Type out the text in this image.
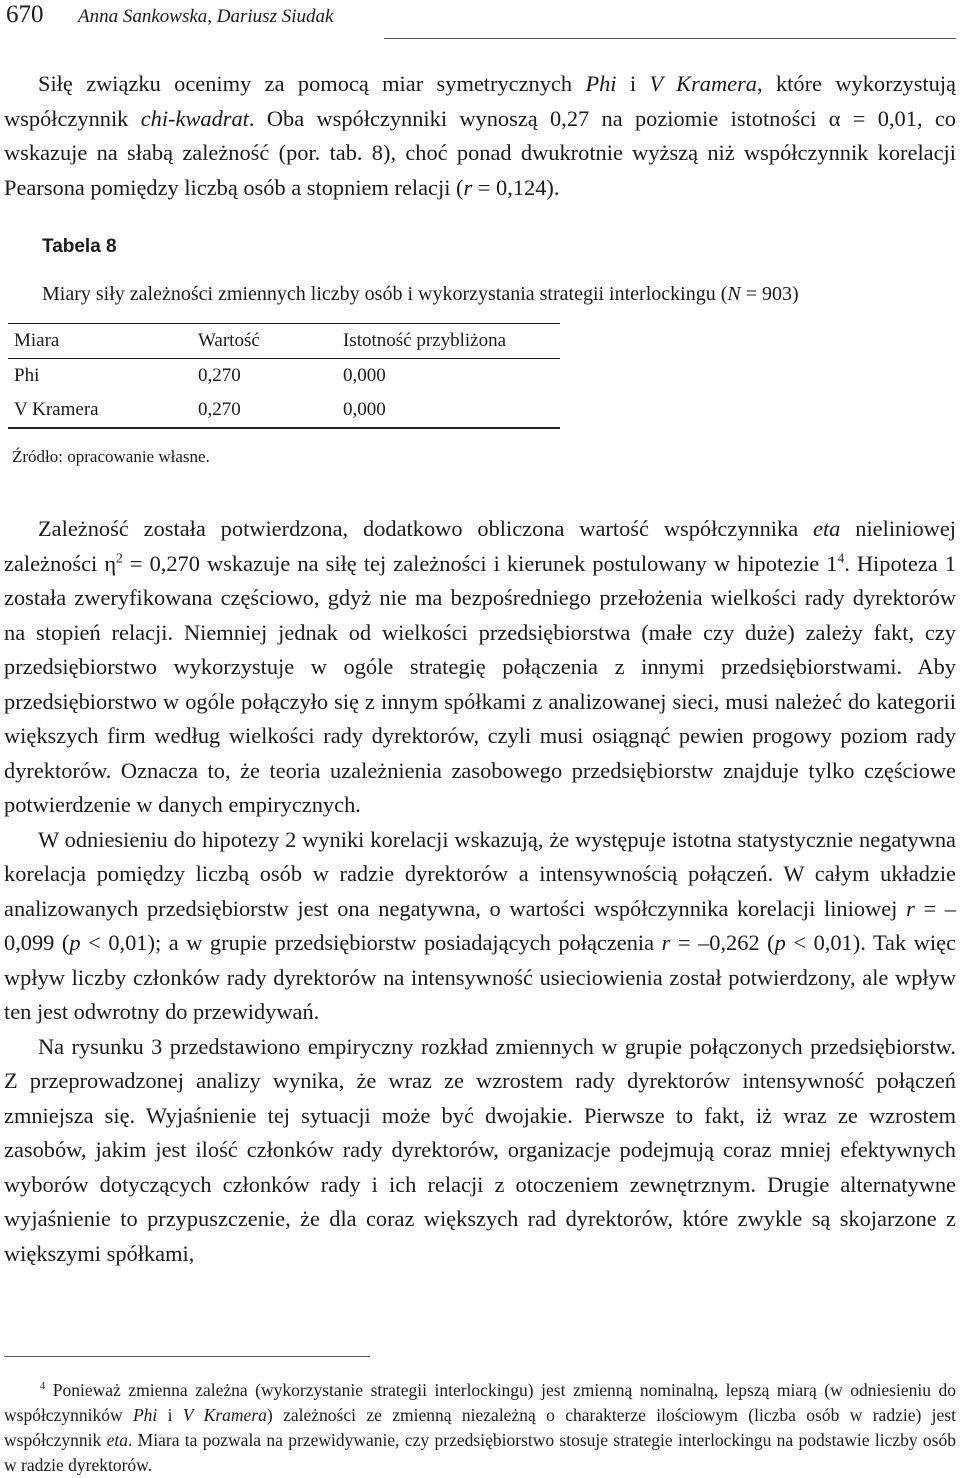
670 Anna Sankowska, Dariusz Siudak

Siłę związku ocenimy za pomocą miar symetrycznych Phi i V Kramera, które wykorzystują współczynnik chi-kwadrat. Oba współczynniki wynoszą 0,27 na poziomie istotności α = 0,01, co wskazuje na słabą zależność (por. tab. 8), choć ponad dwukrotnie wyższą niż współczynnik korelacji Pearsona pomiędzy liczbą osób a stopniem relacji (r = 0,124).

Tabela 8
Miary siły zależności zmiennych liczby osób i wykorzystania strategii interlockingu (N = 903)
Miara	Wartość	Istotność przybliżona
Phi	0,270	0,000
V Kramera	0,270	0,000
Źródło: opracowanie własne.

Zależność została potwierdzona, dodatkowo obliczona wartość współczynnika eta nieliniowej zależności $\eta^2 = 0,270$ wskazuje na siłę tej zależności i kierunek postulowany w hipotezie $1^4$. Hipoteza 1 została zweryfikowana częściowo, gdyż nie ma bezpośredniego przełożenia wielkości rady dyrektorów na stopień relacji. Niemniej jednak od wielkości przedsiębiorstwa (małe czy duże) zależy fakt, czy przedsiębiorstwo wykorzystuje w ogóle strategię połączenia z innymi przedsiębiorstwami. Aby przedsiębiorstwo w ogóle połączyło się z innym spółkami z analizowanej sieci, musi należeć do kategorii większych firm według wielkości rady dyrektorów, czyli musi osiągnąć pewien progowy poziom rady dyrektorów. Oznacza to, że teoria uzależnienia zasobowego przedsiębiorstw znajduje tylko częściowe potwierdzenie w danych empirycznych.

W odniesieniu do hipotezy 2 wyniki korelacji wskazują, że występuje istotna statystycznie negatywna korelacja pomiędzy liczbą osób w radzie dyrektorów a intensywnością połączeń. W całym układzie analizowanych przedsiębiorstw jest ona negatywna, o wartości współczynnika korelacji liniowej r = –0,099 (p < 0,01); a w grupie przedsiębiorstw posiadających połączenia r = –0,262 (p < 0,01). Tak więc wpływ liczby członków rady dyrektorów na intensywność usieciowienia został potwierdzony, ale wpływ ten jest odwrotny do przewidywań.

Na rysunku 3 przedstawiono empiryczny rozkład zmiennych w grupie połączonych przedsiębiorstw. Z przeprowadzonej analizy wynika, że wraz ze wzrostem rady dyrektorów intensywność połączeń zmniejsza się. Wyjaśnienie tej sytuacji może być dwojakie. Pierwsze to fakt, iż wraz ze wzrostem zasobów, jakim jest ilość członków rady dyrektorów, organizacje podejmują coraz mniej efektywnych wyborów dotyczących członków rady i ich relacji z otoczeniem zewnętrznym. Drugie alternatywne wyjaśnienie to przypuszczenie, że dla coraz większych rad dyrektorów, które zwykle są skojarzone z większymi spółkami,

$^4$ Ponieważ zmienna zależna (wykorzystanie strategii interlockingu) jest zmienną nominalną, lepszą miarą (w odniesieniu do współczynników Phi i V Kramera) zależności ze zmienną niezależną o charakterze ilościowym (liczba osób w radzie) jest współczynnik eta. Miara ta pozwala na przewidywanie, czy przedsiębiorstwo stosuje strategie interlockingu na podstawie liczby osób w radzie dyrektorów.
